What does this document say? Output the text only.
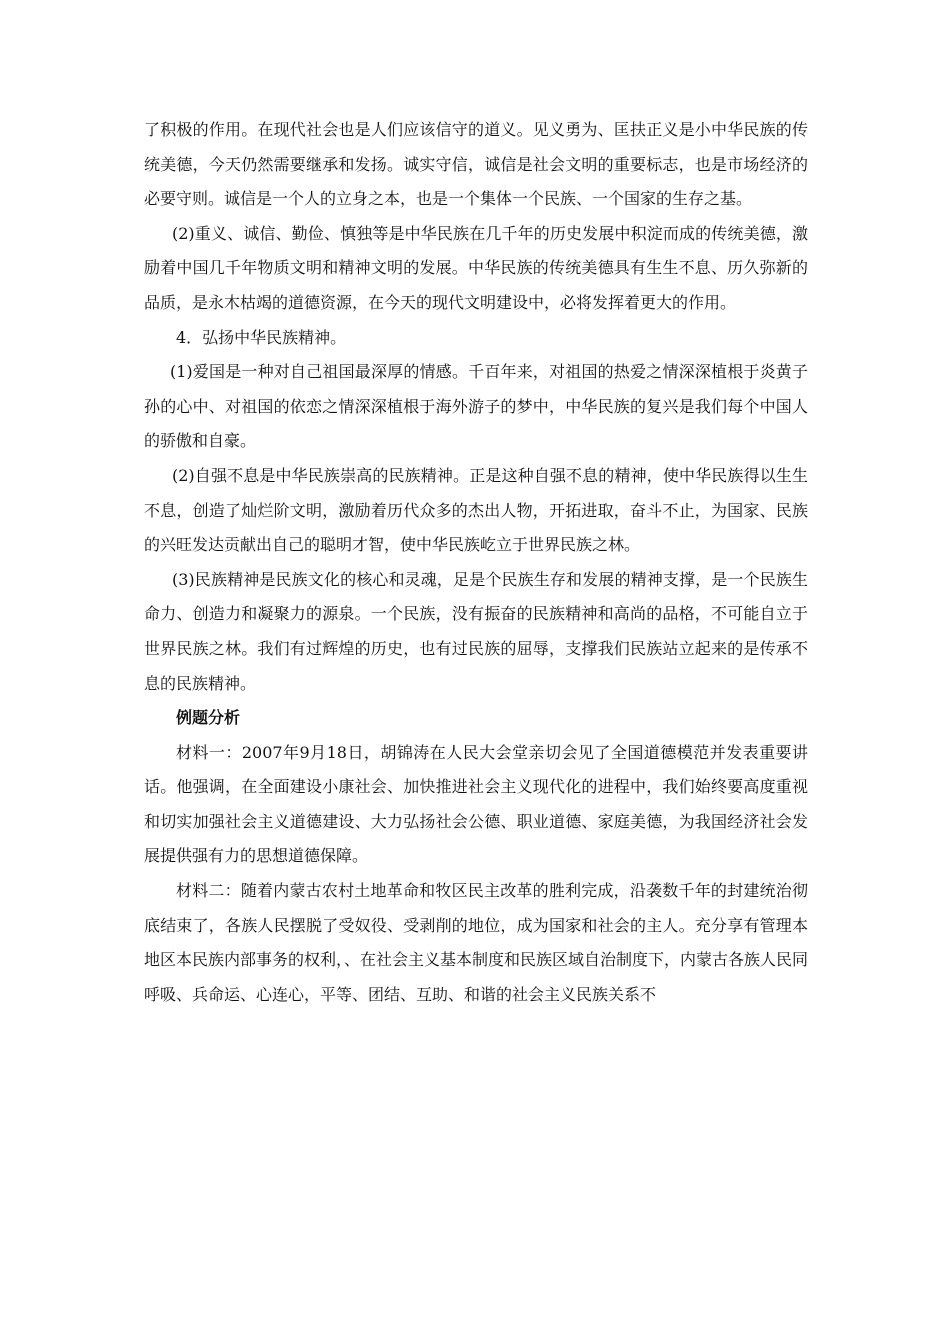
了积极的作用。在现代社会也是人们应该信守的道义。见义勇为、匡扶正义是小中华民族的传统美德，今天仍然需要继承和发扬。诚实守信，诚信是社会文明的重要标志，也是市场经济的必要守则。诚信是一个人的立身之本，也是一个集体一个民族、一个国家的生存之基。

(2)重义、诚信、勤俭、慎独等是中华民族在几千年的历史发展中积淀而成的传统美德，激励着中国几千年物质文明和精神文明的发展。中华民族的传统美德具有生生不息、历久弥新的品质，是永木枯竭的道德资源，在今天的现代文明建设中，必将发挥着更大的作用。

4．弘扬中华民族精神。

(1)爱国是一种对自己祖国最深厚的情感。千百年来，对祖国的热爱之情深深植根于炎黄子孙的心中、对祖国的依恋之情深深植根于海外游子的梦中，中华民族的复兴是我们每个中国人的骄傲和自豪。

(2)自强不息是中华民族崇高的民族精神。正是这种自强不息的精神，使中华民族得以生生不息，创造了灿烂阶文明，激励着历代众多的杰出人物，开拓进取，奋斗不止，为国家、民族的兴旺发达贡献出自己的聪明才智，使中华民族屹立于世界民族之林。

(3)民族精神是民族文化的核心和灵魂，足是个民族生存和发展的精神支撑，是一个民族生命力、创造力和凝聚力的源泉。一个民族，没有振奋的民族精神和高尚的品格，不可能自立于世界民族之林。我们有过辉煌的历史，也有过民族的屈辱，支撑我们民族站立起来的是传承不息的民族精神。

例题分析

材料一：2007年9月18日，胡锦涛在人民大会堂亲切会见了全国道德模范并发表重要讲话。他强调，在全面建设小康社会、加快推进社会主义现代化的进程中，我们始终要高度重视和切实加强社会主义道德建设、大力弘扬社会公德、职业道德、家庭美德，为我国经济社会发展提供强有力的思想道德保障。

材料二：随着内蒙古农村土地革命和牧区民主改革的胜利完成，沿袭数千年的封建统治彻底结束了，各族人民摆脱了受奴役、受剥削的地位，成为国家和社会的主人。充分享有管理本地区本民族内部事务的权利，、在社会主义基本制度和民族区域自治制度下，内蒙古各族人民同呼吸、兵命运、心连心，平等、团结、互助、和谐的社会主义民族关系不
